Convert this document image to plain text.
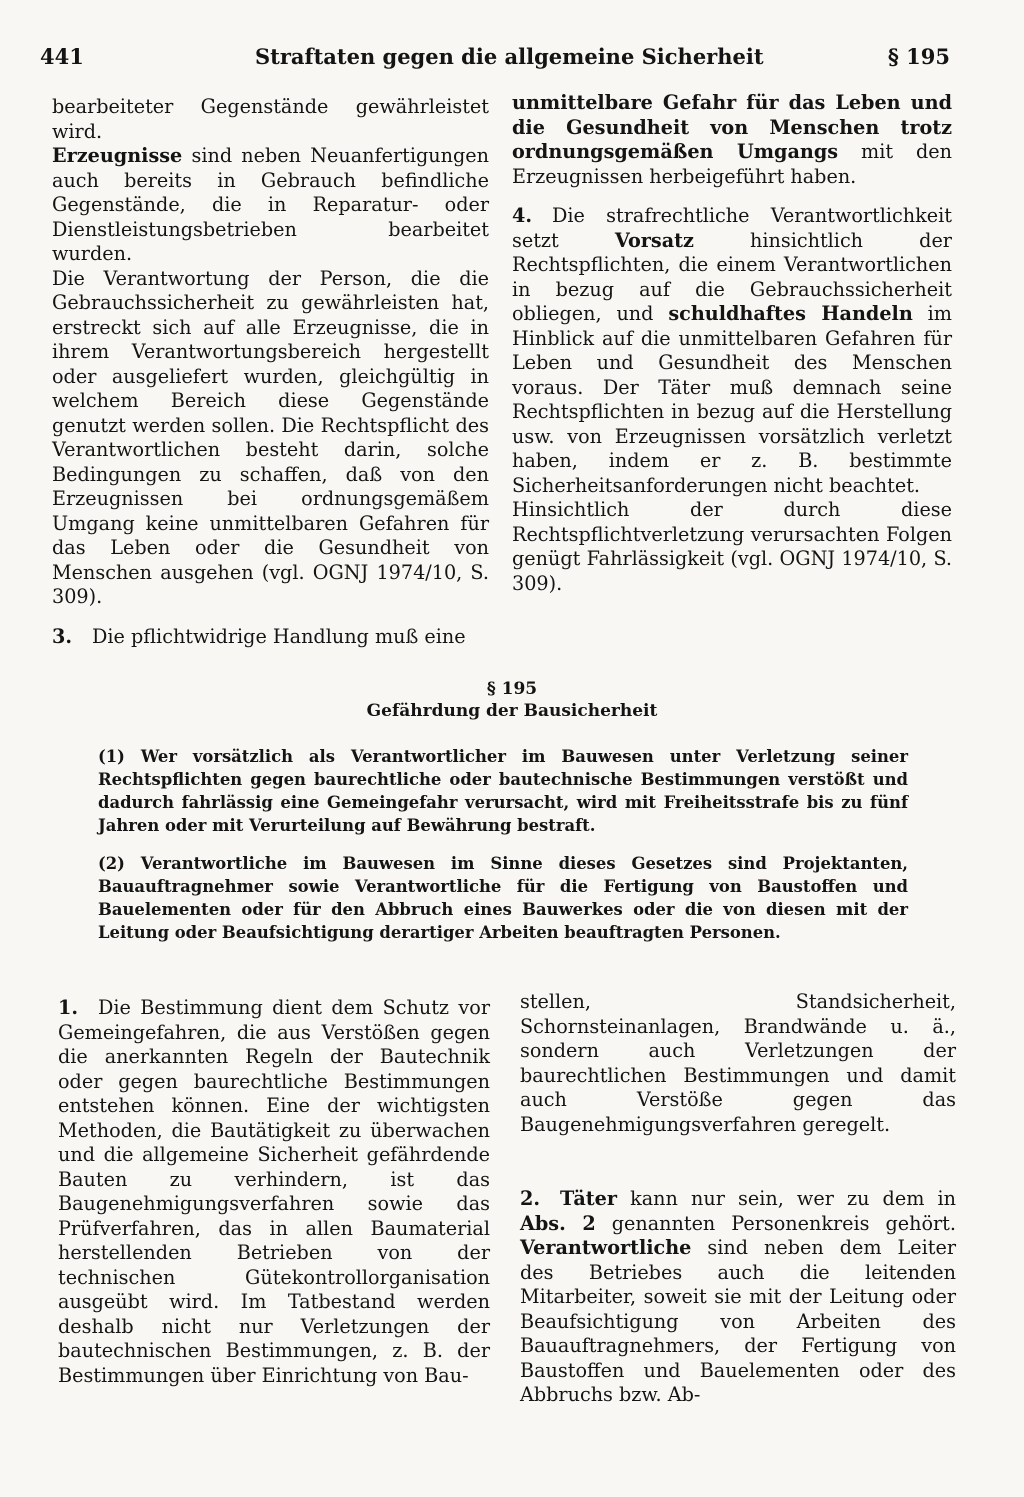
441	Straftaten gegen die allgemeine Sicherheit	§ 195

bearbeiteter Gegenstände gewährleistet wird.

Erzeugnisse sind neben Neuanfertigungen auch bereits in Gebrauch befindliche Gegenstände, die in Reparatur- oder Dienstleistungsbetrieben bearbeitet wurden.

Die Verantwortung der Person, die die Gebrauchssicherheit zu gewährleisten hat, erstreckt sich auf alle Erzeugnisse, die in ihrem Verantwortungsbereich hergestellt oder ausgeliefert wurden, gleichgültig in welchem Bereich diese Gegenstände genutzt werden sollen. Die Rechtspflicht des Verantwortlichen besteht darin, solche Bedingungen zu schaffen, daß von den Erzeugnissen bei ordnungsgemäßem Umgang keine unmittelbaren Gefahren für das Leben oder die Gesundheit von Menschen ausgehen (vgl. OGNJ 1974/10, S. 309).

3. Die pflichtwidrige Handlung muß eine

unmittelbare Gefahr für das Leben und die Gesundheit von Menschen trotz ordnungsgemäßen Umgangs mit den Erzeugnissen herbeigeführt haben.

4. Die strafrechtliche Verantwortlichkeit setzt Vorsatz hinsichtlich der Rechtspflichten, die einem Verantwortlichen in bezug auf die Gebrauchssicherheit obliegen, und schuldhaftes Handeln im Hinblick auf die unmittelbaren Gefahren für Leben und Gesundheit des Menschen voraus. Der Täter muß demnach seine Rechtspflichten in bezug auf die Herstellung usw. von Erzeugnissen vorsätzlich verletzt haben, indem er z. B. bestimmte Sicherheitsanforderungen nicht beachtet.

Hinsichtlich der durch diese Rechtspflichtverletzung verursachten Folgen genügt Fahrlässigkeit (vgl. OGNJ 1974/10, S. 309).

§ 195
Gefährdung der Bausicherheit

(1) Wer vorsätzlich als Verantwortlicher im Bauwesen unter Verletzung seiner Rechtspflichten gegen baurechtliche oder bautechnische Bestimmungen verstößt und dadurch fahrlässig eine Gemeingefahr verursacht, wird mit Freiheitsstrafe bis zu fünf Jahren oder mit Verurteilung auf Bewährung bestraft.

(2) Verantwortliche im Bauwesen im Sinne dieses Gesetzes sind Projektanten, Bauauftragnehmer sowie Verantwortliche für die Fertigung von Baustoffen und Bauelementen oder für den Abbruch eines Bauwerkes oder die von diesen mit der Leitung oder Beaufsichtigung derartiger Arbeiten beauftragten Personen.

1. Die Bestimmung dient dem Schutz vor Gemeingefahren, die aus Verstößen gegen die anerkannten Regeln der Bautechnik oder gegen baurechtliche Bestimmungen entstehen können. Eine der wichtigsten Methoden, die Bautätigkeit zu überwachen und die allgemeine Sicherheit gefährdende Bauten zu verhindern, ist das Baugenehmigungsverfahren sowie das Prüfverfahren, das in allen Baumaterial herstellenden Betrieben von der technischen Gütekontrollorganisation ausgeübt wird. Im Tatbestand werden deshalb nicht nur Verletzungen der bautechnischen Bestimmungen, z. B. der Bestimmungen über Einrichtung von Bau-

stellen, Standsicherheit, Schornsteinanlagen, Brandwände u. ä., sondern auch Verletzungen der baurechtlichen Bestimmungen und damit auch Verstöße gegen das Baugenehmigungsverfahren geregelt.

2. Täter kann nur sein, wer zu dem in Abs. 2 genannten Personenkreis gehört. Verantwortliche sind neben dem Leiter des Betriebes auch die leitenden Mitarbeiter, soweit sie mit der Leitung oder Beaufsichtigung von Arbeiten des Bauauftragnehmers, der Fertigung von Baustoffen und Bauelementen oder des Abbruchs bzw. Ab-
